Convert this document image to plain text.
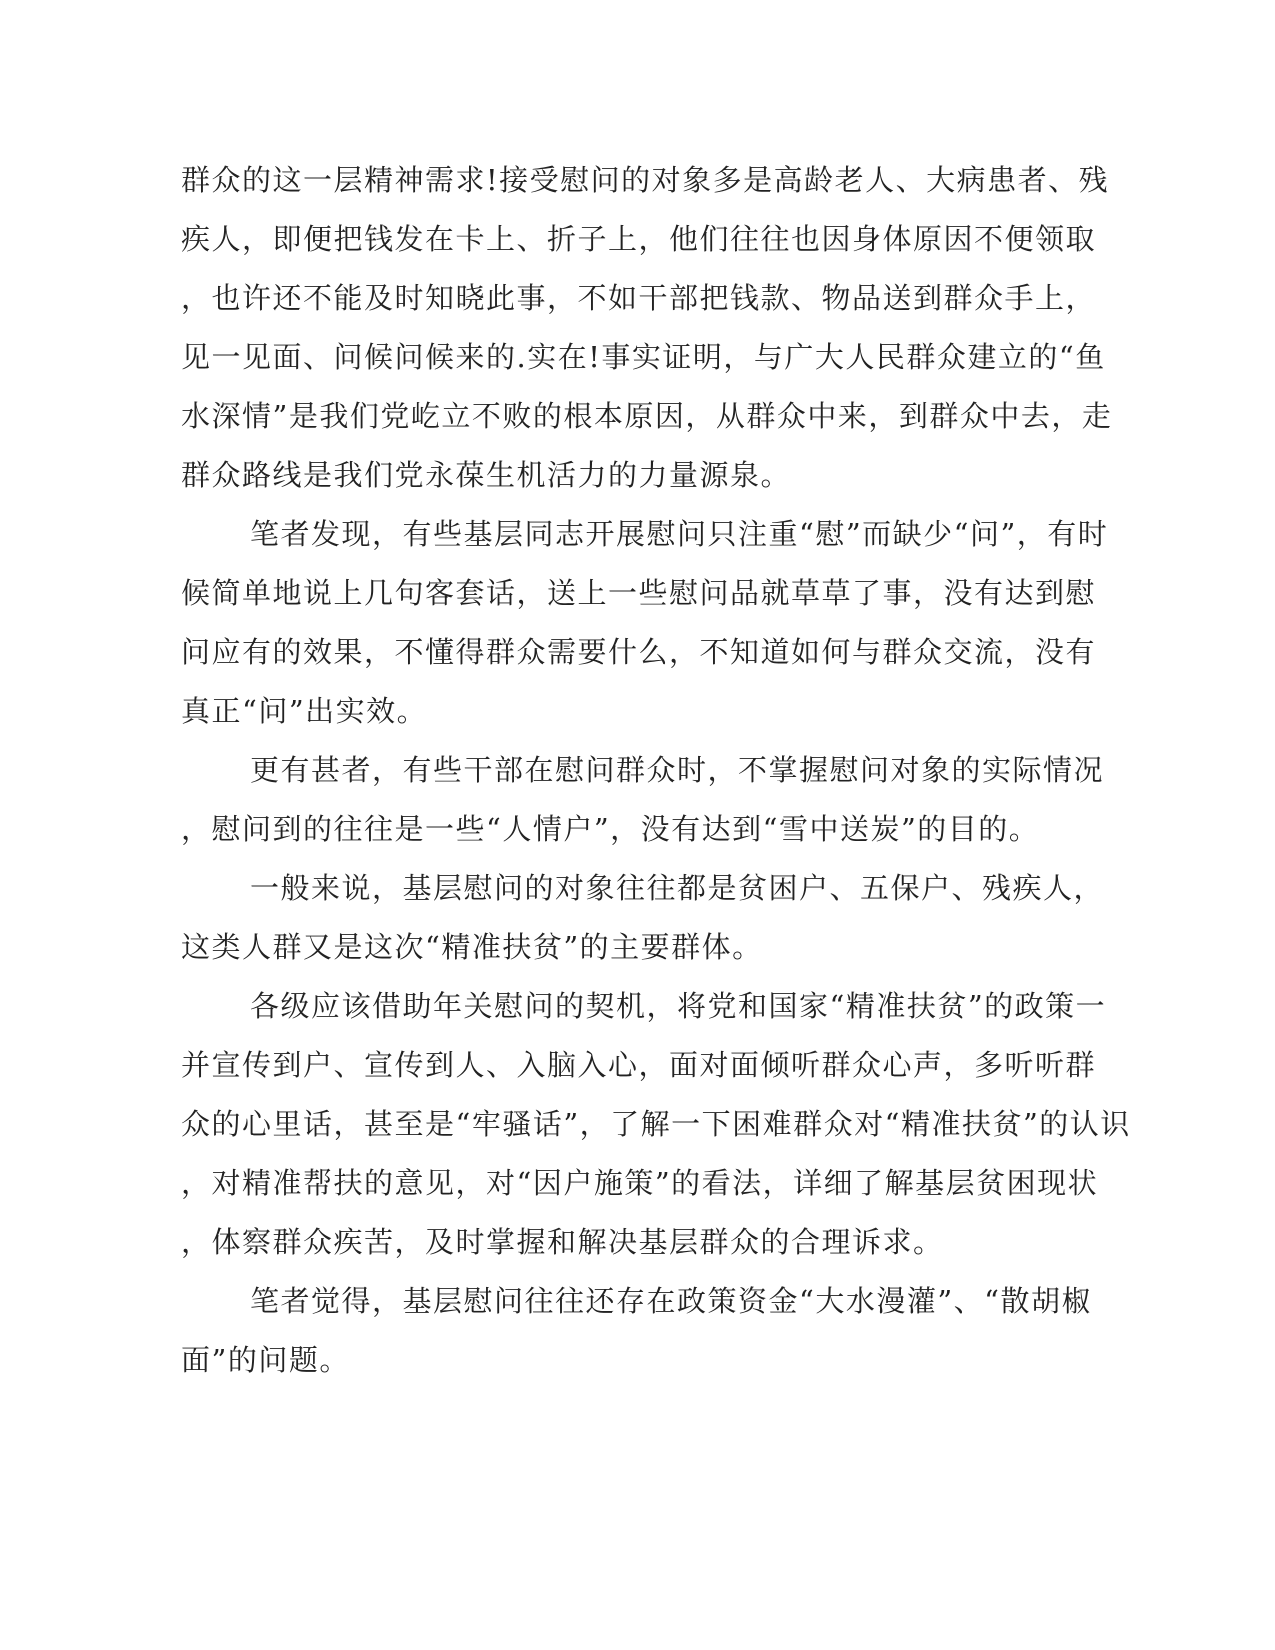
群众的这一层精神需求!接受慰问的对象多是高龄老人、大病患者、残
疾人，即便把钱发在卡上、折子上，他们往往也因身体原因不便领取
，也许还不能及时知晓此事，不如干部把钱款、物品送到群众手上，
见一见面、问候问候来的.实在!事实证明，与广大人民群众建立的“鱼
水深情”是我们党屹立不败的根本原因，从群众中来，到群众中去，走
群众路线是我们党永葆生机活力的力量源泉。
笔者发现，有些基层同志开展慰问只注重“慰”而缺少“问”，有时
候简单地说上几句客套话，送上一些慰问品就草草了事，没有达到慰
问应有的效果，不懂得群众需要什么，不知道如何与群众交流，没有
真正“问”出实效。
更有甚者，有些干部在慰问群众时，不掌握慰问对象的实际情况
，慰问到的往往是一些“人情户”，没有达到“雪中送炭”的目的。
一般来说，基层慰问的对象往往都是贫困户、五保户、残疾人，
这类人群又是这次“精准扶贫”的主要群体。
各级应该借助年关慰问的契机，将党和国家“精准扶贫”的政策一
并宣传到户、宣传到人、入脑入心，面对面倾听群众心声，多听听群
众的心里话，甚至是“牢骚话”，了解一下困难群众对“精准扶贫”的认识
，对精准帮扶的意见，对“因户施策”的看法，详细了解基层贫困现状
，体察群众疾苦，及时掌握和解决基层群众的合理诉求。
笔者觉得，基层慰问往往还存在政策资金“大水漫灌”、“散胡椒
面”的问题。
